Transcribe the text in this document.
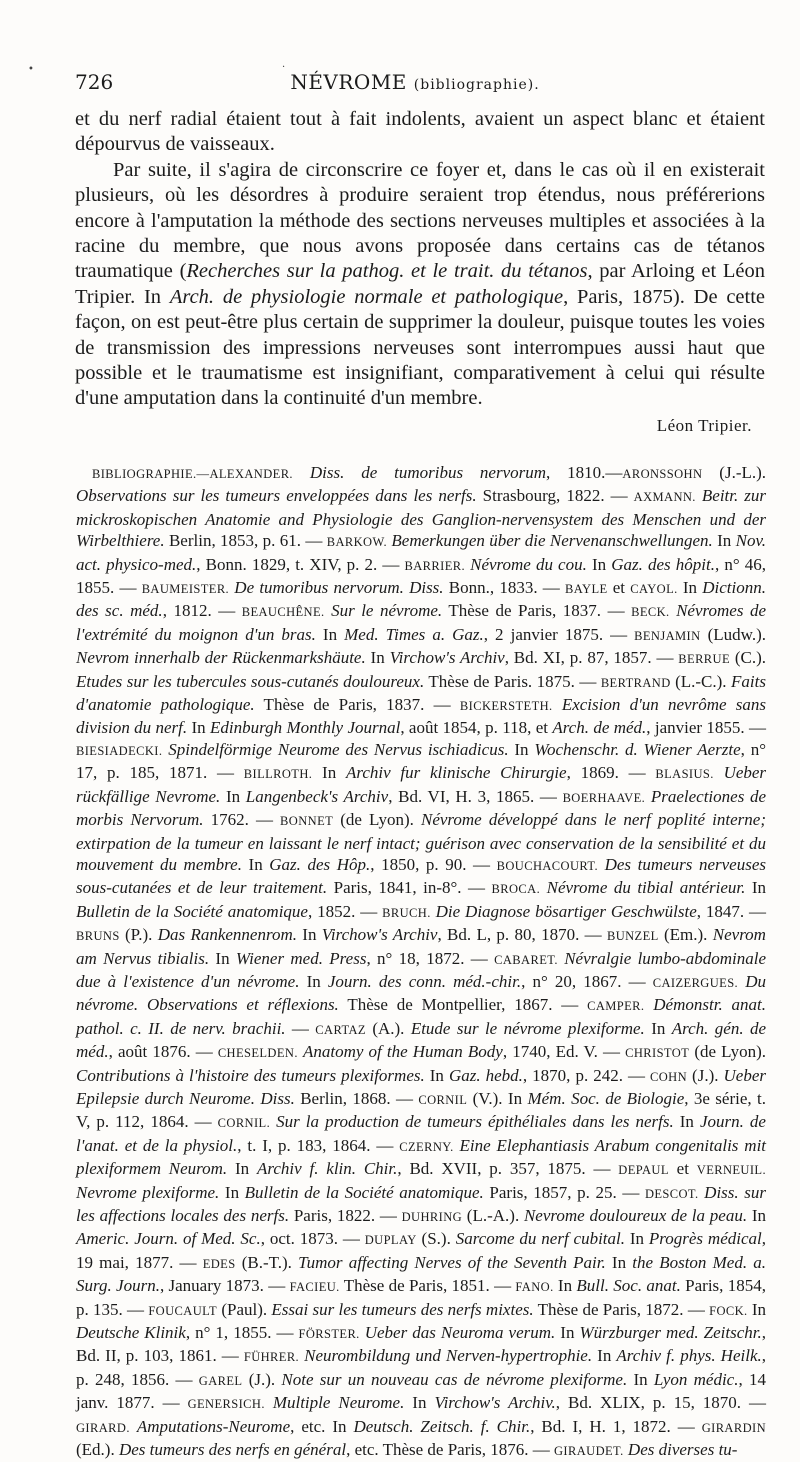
726	NÉVROME (bibliographie).

et du nerf radial étaient tout à fait indolents, avaient un aspect blanc et étaient dépourvus de vaisseaux.

Par suite, il s'agira de circonscrire ce foyer et, dans le cas où il en existerait plusieurs, où les désordres à produire seraient trop étendus, nous préférerions encore à l'amputation la méthode des sections nerveuses multiples et associées à la racine du membre, que nous avons proposée dans certains cas de tétanos traumatique (Recherches sur la pathog. et le trait. du tétanos, par Arloing et Léon Tripier. In Arch. de physiologie normale et pathologique, Paris, 1875). De cette façon, on est peut-être plus certain de supprimer la douleur, puisque toutes les voies de transmission des impressions nerveuses sont interrompues aussi haut que possible et le traumatisme est insignifiant, comparativement à celui qui résulte d'une amputation dans la continuité d'un membre.

Léon Tripier.

BIBLIOGRAPHIE.—ALEXANDER. Diss. de tumoribus nervorum, 1810.—ARONSSOHN (J.-L.). Observations sur les tumeurs enveloppées dans les nerfs. Strasbourg, 1822. — AXMANN. Beitr. zur mickroskopischen Anatomie and Physiologie des Ganglion-nervensystem des Menschen und der Wirbelthiere. Berlin, 1853, p. 61. — BARKOW. Bemerkungen über die Nervenanschwellungen. In Nov. act. physico-med., Bonn. 1829, t. XIV, p. 2. — BARRIER. Névrome du cou. In Gaz. des hôpit., n° 46, 1855. — BAUMEISTER. De tumoribus nervorum. Diss. Bonn., 1833. — BAYLE et CAYOL. In Dictionn. des sc. méd., 1812. — BEAUCHÊNE. Sur le névrome. Thèse de Paris, 1837. — BECK. Névromes de l'extrémité du moignon d'un bras. In Med. Times a. Gaz., 2 janvier 1875. — BENJAMIN (Ludw.). Nevrom innerhalb der Rückenmarkshäute. In Virchow's Archiv, Bd. XI, p. 87, 1857. — BERRUE (C.). Etudes sur les tubercules sous-cutanés douloureux. Thèse de Paris. 1875. — BERTRAND (L.-C.). Faits d'anatomie pathologique. Thèse de Paris, 1837. — BICKERSTETH. Excision d'un nevrôme sans division du nerf. In Edinburgh Monthly Journal, août 1854, p. 118, et Arch. de méd., janvier 1855. — BIESIADECKI. Spindelförmige Neurome des Nervus ischiadicus. In Wochenschr. d. Wiener Aerzte, n° 17, p. 185, 1871. — BILLROTH. In Archiv fur klinische Chirurgie, 1869. — BLASIUS. Ueber rückfällige Nevrome. In Langenbeck's Archiv, Bd. VI, H. 3, 1865. — BOERHAAVE. Praelectiones de morbis Nervorum. 1762. — BONNET (de Lyon). Névrome développé dans le nerf poplité interne; extirpation de la tumeur en laissant le nerf intact; guérison avec conservation de la sensibilité et du mouvement du membre. In Gaz. des Hôp., 1850, p. 90. — BOUCHACOURT. Des tumeurs nerveuses sous-cutanées et de leur traitement. Paris, 1841, in-8°. — BROCA. Névrome du tibial antérieur. In Bulletin de la Société anatomique, 1852. — BRUCH. Die Diagnose bösartiger Geschwülste, 1847. — BRUNS (P.). Das Rankennenrom. In Virchow's Archiv, Bd. L, p. 80, 1870. — BUNZEL (Em.). Nevrom am Nervus tibialis. In Wiener med. Press, n° 18, 1872. — CABARET. Névralgie lumbo-abdominale due à l'existence d'un névrome. In Journ. des conn. méd.-chir., n° 20, 1867. — CAIZERGUES. Du névrome. Observations et réflexions. Thèse de Montpellier, 1867. — CAMPER. Démonstr. anat. pathol. c. II. de nerv. brachii. — CARTAZ (A.). Etude sur le névrome plexiforme. In Arch. gén. de méd., août 1876. — CHESELDEN. Anatomy of the Human Body, 1740, Ed. V. — CHRISTOT (de Lyon). Contributions à l'histoire des tumeurs plexiformes. In Gaz. hebd., 1870, p. 242. — COHN (J.). Ueber Epilepsie durch Neurome. Diss. Berlin, 1868. — CORNIL (V.). In Mém. Soc. de Biologie, 3e série, t. V, p. 112, 1864. — CORNIL. Sur la production de tumeurs épithéliales dans les nerfs. In Journ. de l'anat. et de la physiol., t. I, p. 183, 1864. — CZERNY. Eine Elephantiasis Arabum congenitalis mit plexiformem Neurom. In Archiv f. klin. Chir., Bd. XVII, p. 357, 1875. — DEPAUL et VERNEUIL. Nevrome plexiforme. In Bulletin de la Société anatomique. Paris, 1857, p. 25. — DESCOT. Diss. sur les affections locales des nerfs. Paris, 1822. — DUHRING (L.-A.). Nevrome douloureux de la peau. In Americ. Journ. of Med. Sc., oct. 1873. — DUPLAY (S.). Sarcome du nerf cubital. In Progrès médical, 19 mai, 1877. — EDES (B.-T.). Tumor affecting Nerves of the Seventh Pair. In the Boston Med. a. Surg. Journ., January 1873. — FACIEU. Thèse de Paris, 1851. — FANO. In Bull. Soc. anat. Paris, 1854, p. 135. — FOUCAULT (Paul). Essai sur les tumeurs des nerfs mixtes. Thèse de Paris, 1872. — FOCK. In Deutsche Klinik, n° 1, 1855. — FÖRSTER. Ueber das Neuroma verum. In Würzburger med. Zeitschr., Bd. II, p. 103, 1861. — FÜHRER. Neurombildung und Nerven-hypertrophie. In Archiv f. phys. Heilk., p. 248, 1856. — GAREL (J.). Note sur un nouveau cas de névrome plexiforme. In Lyon médic., 14 janv. 1877. — GENERSICH. Multiple Neurome. In Virchow's Archiv., Bd. XLIX, p. 15, 1870. — GIRARD. Amputations-Neurome, etc. In Deutsch. Zeitsch. f. Chir., Bd. I, H. 1, 1872. — GIRARDIN (Ed.). Des tumeurs des nerfs en général, etc. Thèse de Paris, 1876. — GIRAUDET. Des diverses tu-

•	·
